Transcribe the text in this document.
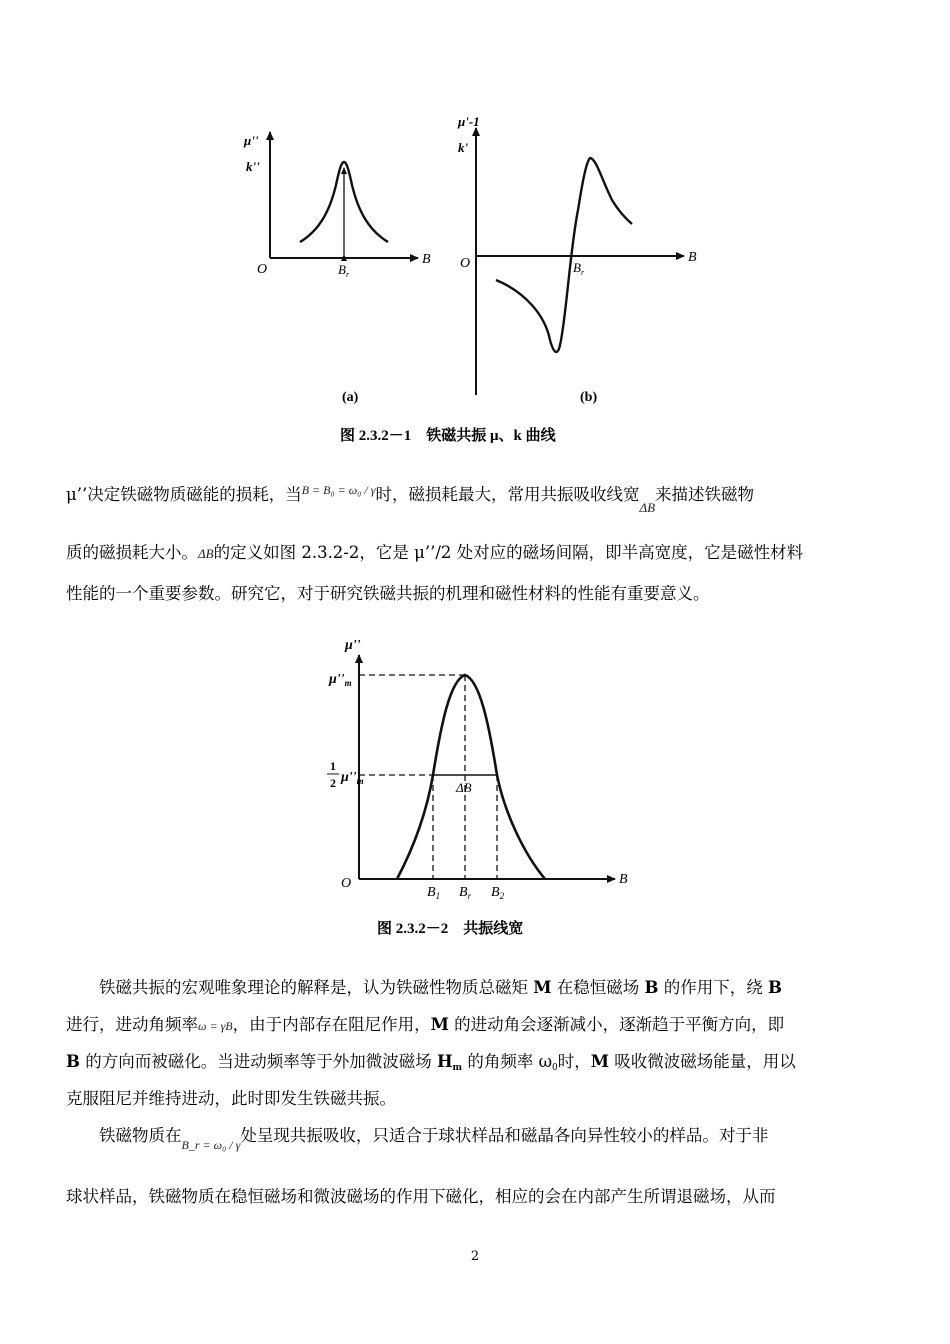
μ''
k''
O
B
$B_r$
(a)
μ'-1
k'
O	B
$B_r$
(b)
图 2.3.2－1　铁磁共振 μ、k 曲线
μ’’决定铁磁物质磁能的损耗，当$^{B = B_0 = \omega_0 / \gamma}$时，磁损耗最大，常用共振吸收线宽$_{\Delta B}$来描述铁磁物
质的磁损耗大小。ΔB的定义如图 2.3.2-2，它是 μ’’/2 处对应的磁场间隔，即半高宽度，它是磁性材料
性能的一个重要参数。研究它，对于研究铁磁共振的机理和磁性材料的性能有重要意义。
μ''
$\mu''_m$
1
2 $\mu''_m$	ΔB
O	B
$B_1$ $B_r$ $B_2$
图 2.3.2－2　共振线宽
铁磁共振的宏观唯象理论的解释是，认为铁磁性物质总磁矩 M 在稳恒磁场 B 的作用下，绕 B
进行，进动角频率ω = γB，由于内部存在阻尼作用，M 的进动角会逐渐减小，逐渐趋于平衡方向，即
B 的方向而被磁化。当进动频率等于外加微波磁场 $H_m$ 的角频率 $\omega_0$时，M 吸收微波磁场能量，用以
克服阻尼并维持进动，此时即发生铁磁共振。
铁磁物质在$_{B\_r = \omega_0 / \gamma}$处呈现共振吸收，只适合于球状样品和磁晶各向异性较小的样品。对于非
球状样品，铁磁物质在稳恒磁场和微波磁场的作用下磁化，相应的会在内部产生所谓退磁场，从而
2
